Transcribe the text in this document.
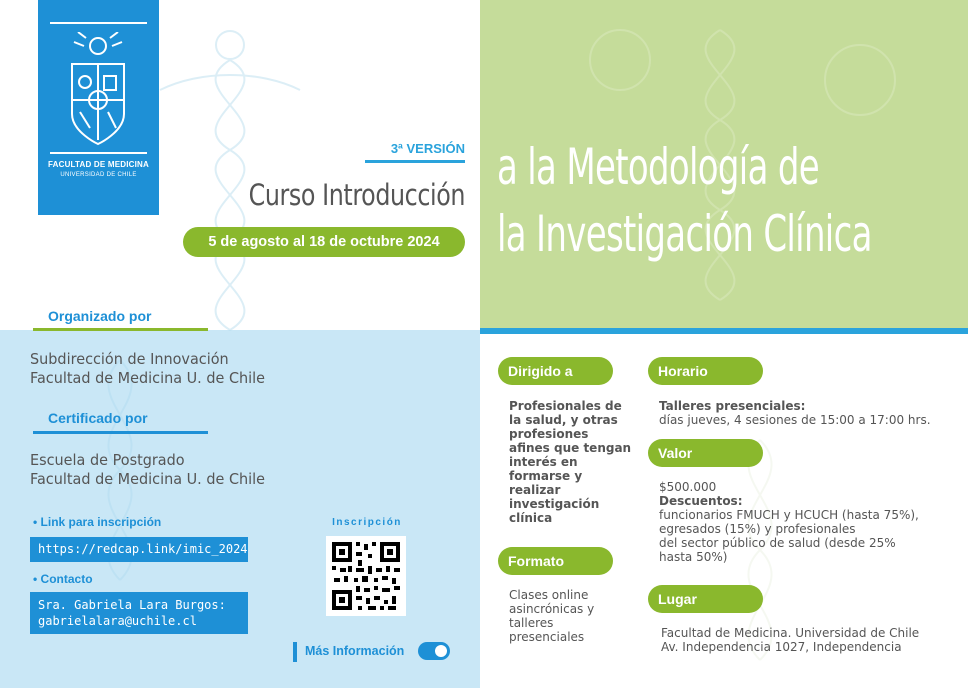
FACULTAD DE MEDICINA
UNIVERSIDAD DE CHILE
3ª VERSIÓN
Curso Introducción
5 de agosto al 18 de octubre 2024
a la Metodología de
la Investigación Clínica
Organizado por
Subdirección de Innovación
Facultad de Medicina U. de Chile
Certificado por
Escuela de Postgrado
Facultad de Medicina U. de Chile
• Link para inscripción
https://redcap.link/imic_2024
• Contacto
Sra. Gabriela Lara Burgos:
gabrielalara@uchile.cl
Inscripción
Más Información
Dirigido a
Profesionales de
la salud, y otras
profesiones
afines que tengan
interés en
formarse y
realizar
investigación
clínica
Formato
Clases online
asincrónicas y
talleres
presenciales
Horario
Talleres presenciales:
días jueves, 4 sesiones de 15:00 a 17:00 hrs.
Valor
$500.000
Descuentos:
funcionarios FMUCH y HCUCH (hasta 75%),
egresados (15%) y profesionales
del sector público de salud (desde 25%
hasta 50%)
Lugar
Facultad de Medicina. Universidad de Chile
Av. Independencia 1027, Independencia
